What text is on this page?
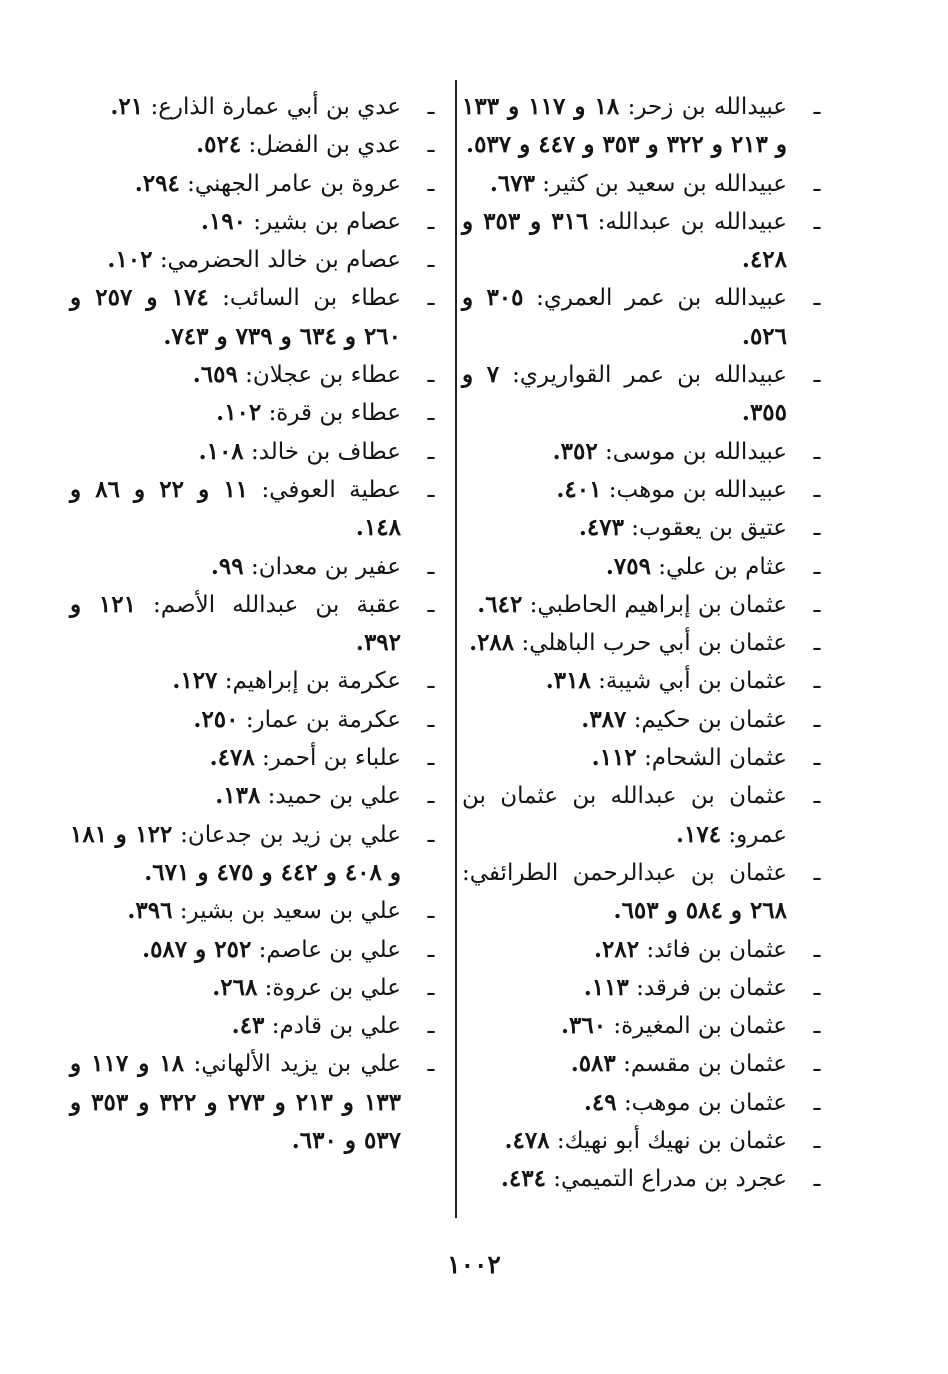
ـ
عبيدالله بن زحر: ١٨ و ١١٧ و ١٣٣ و ٢١٣ و ٣٢٢ و ٣٥٣ و ٤٤٧ و ٥٣٧.
ـ
عبيدالله بن سعيد بن كثير: ٦٧٣.
ـ
عبيدالله بن عبدالله: ٣١٦ و ٣٥٣ و ٤٢٨.
ـ
عبيدالله بن عمر العمري: ٣٠٥ و ٥٢٦.
ـ
عبيدالله بن عمر القواريري: ٧ و ٣٥٥.
ـ
عبيدالله بن موسى: ٣٥٢.
ـ
عبيدالله بن موهب: ٤٠١.
ـ
عتيق بن يعقوب: ٤٧٣.
ـ
عثام بن علي: ٧٥٩.
ـ
عثمان بن إبراهيم الحاطبي: ٦٤٢.
ـ
عثمان بن أبي حرب الباهلي: ٢٨٨.
ـ
عثمان بن أبي شيبة: ٣١٨.
ـ
عثمان بن حكيم: ٣٨٧.
ـ
عثمان الشحام: ١١٢.
ـ
عثمان بن عبدالله بن عثمان بن عمرو: ١٧٤.
ـ
عثمان بن عبدالرحمن الطرائفي: ٢٦٨ و ٥٨٤ و ٦٥٣.
ـ
عثمان بن فائد: ٢٨٢.
ـ
عثمان بن فرقد: ١١٣.
ـ
عثمان بن المغيرة: ٣٦٠.
ـ
عثمان بن مقسم: ٥٨٣.
ـ
عثمان بن موهب: ٤٩.
ـ
عثمان بن نهيك أبو نهيك: ٤٧٨.
ـ
عجرد بن مدراع التميمي: ٤٣٤.
ـ
عدي بن أبي عمارة الذارع: ٢١.
ـ
عدي بن الفضل: ٥٢٤.
ـ
عروة بن عامر الجهني: ٢٩٤.
ـ
عصام بن بشير: ١٩٠.
ـ
عصام بن خالد الحضرمي: ١٠٢.
ـ
عطاء بن السائب: ١٧٤ و ٢٥٧ و ٢٦٠ و ٦٣٤ و ٧٣٩ و ٧٤٣.
ـ
عطاء بن عجلان: ٦٥٩.
ـ
عطاء بن قرة: ١٠٢.
ـ
عطاف بن خالد: ١٠٨.
ـ
عطية العوفي: ١١ و ٢٢ و ٨٦ و ١٤٨.
ـ
عفير بن معدان: ٩٩.
ـ
عقبة بن عبدالله الأصم: ١٢١ و ٣٩٢.
ـ
عكرمة بن إبراهيم: ١٢٧.
ـ
عكرمة بن عمار: ٢٥٠.
ـ
علباء بن أحمر: ٤٧٨.
ـ
علي بن حميد: ١٣٨.
ـ
علي بن زيد بن جدعان: ١٢٢ و ١٨١ و ٤٠٨ و ٤٤٢ و ٤٧٥ و ٦٧١.
ـ
علي بن سعيد بن بشير: ٣٩٦.
ـ
علي بن عاصم: ٢٥٢ و ٥٨٧.
ـ
علي بن عروة: ٢٦٨.
ـ
علي بن قادم: ٤٣.
ـ
علي بن يزيد الألهاني: ١٨ و ١١٧ و ١٣٣ و ٢١٣ و ٢٧٣ و ٣٢٢ و ٣٥٣ و ٥٣٧ و ٦٣٠.
١٠٠٢
